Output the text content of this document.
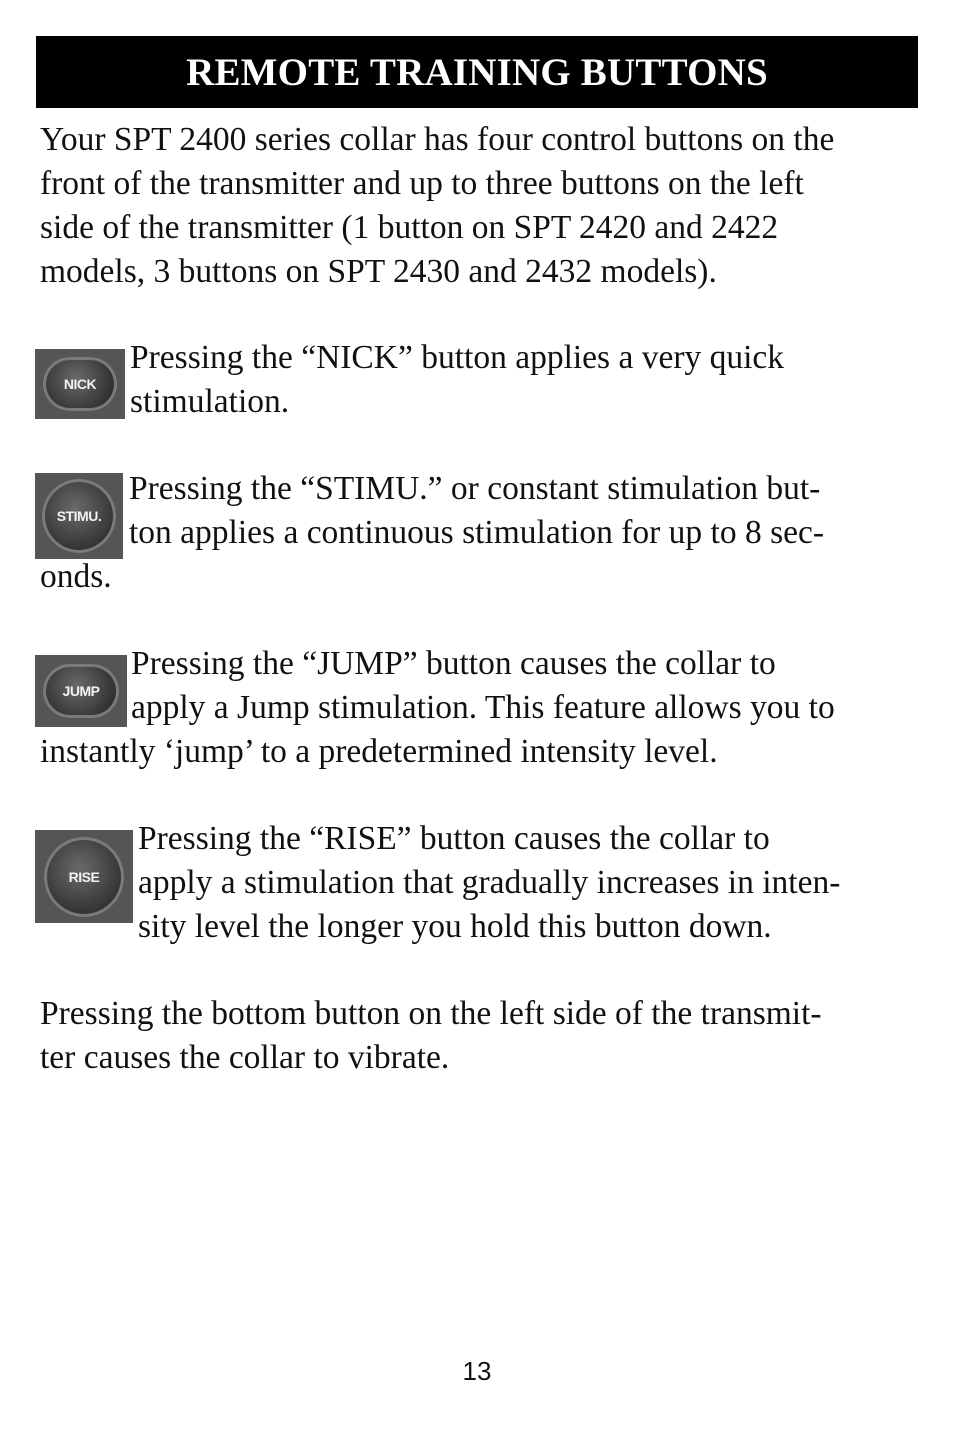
REMOTE TRAINING BUTTONS

Your SPT 2400 series collar has four control buttons on the
front of the transmitter and up to three buttons on the left
side of the transmitter (1 button on SPT 2420 and 2422
models, 3 buttons on SPT 2430 and 2432 models).

NICK

Pressing the “NICK” button applies a very quick
stimulation.

STIMU.

Pressing the “STIMU.” or constant stimulation but-
ton applies a continuous stimulation for up to 8 sec-
onds.

JUMP

Pressing the “JUMP” button causes the collar to
apply a Jump stimulation. This feature allows you to
instantly ‘jump’ to a predetermined intensity level.

RISE

Pressing the “RISE” button causes the collar to
apply a stimulation that gradually increases in inten-
sity level the longer you hold this button down.

Pressing the bottom button on the left side of the transmit-
ter causes the collar to vibrate.

13
